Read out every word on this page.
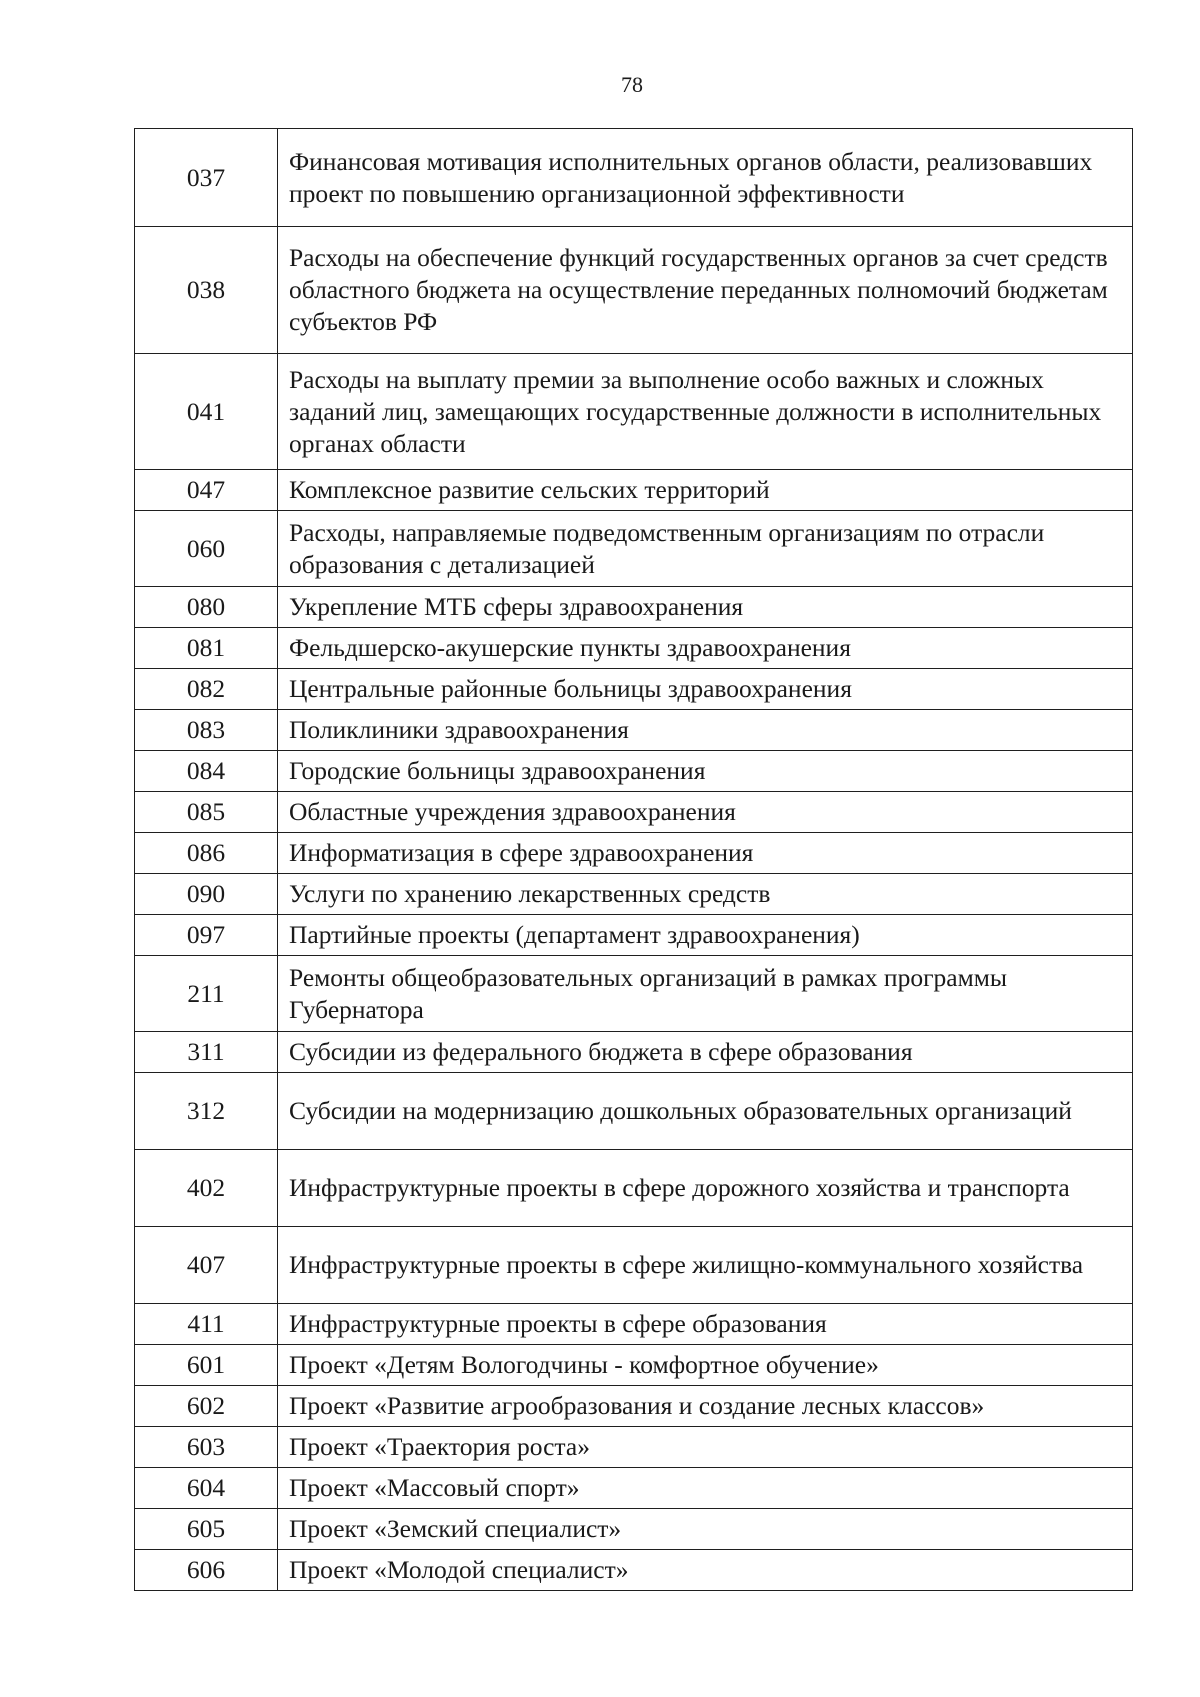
78
037	Финансовая мотивация исполнительных органов области, реализовавших проект по повышению организационной эффективности
038	Расходы на обеспечение функций государственных органов за счет средств областного бюджета на осуществление переданных полномочий бюджетам субъектов РФ
041	Расходы на выплату премии за выполнение особо важных и сложных заданий лиц, замещающих государственные должности в исполнительных органах области
047	Комплексное развитие сельских территорий
060	Расходы, направляемые подведомственным организациям по отрасли образования с детализацией
080	Укрепление МТБ сферы здравоохранения
081	Фельдшерско-акушерские пункты здравоохранения
082	Центральные районные больницы здравоохранения
083	Поликлиники здравоохранения
084	Городские больницы здравоохранения
085	Областные учреждения здравоохранения
086	Информатизация в сфере здравоохранения
090	Услуги по хранению лекарственных средств
097	Партийные проекты (департамент здравоохранения)
211	Ремонты общеобразовательных организаций в рамках программы Губернатора
311	Субсидии из федерального бюджета в сфере образования
312	Субсидии на модернизацию дошкольных образовательных организаций
402	Инфраструктурные проекты в сфере дорожного хозяйства и транспорта
407	Инфраструктурные проекты в сфере жилищно-коммунального хозяйства
411	Инфраструктурные проекты в сфере образования
601	Проект «Детям Вологодчины - комфортное обучение»
602	Проект «Развитие агрообразования и создание лесных классов»
603	Проект «Траектория роста»
604	Проект «Массовый спорт»
605	Проект «Земский специалист»
606	Проект «Молодой специалист»
